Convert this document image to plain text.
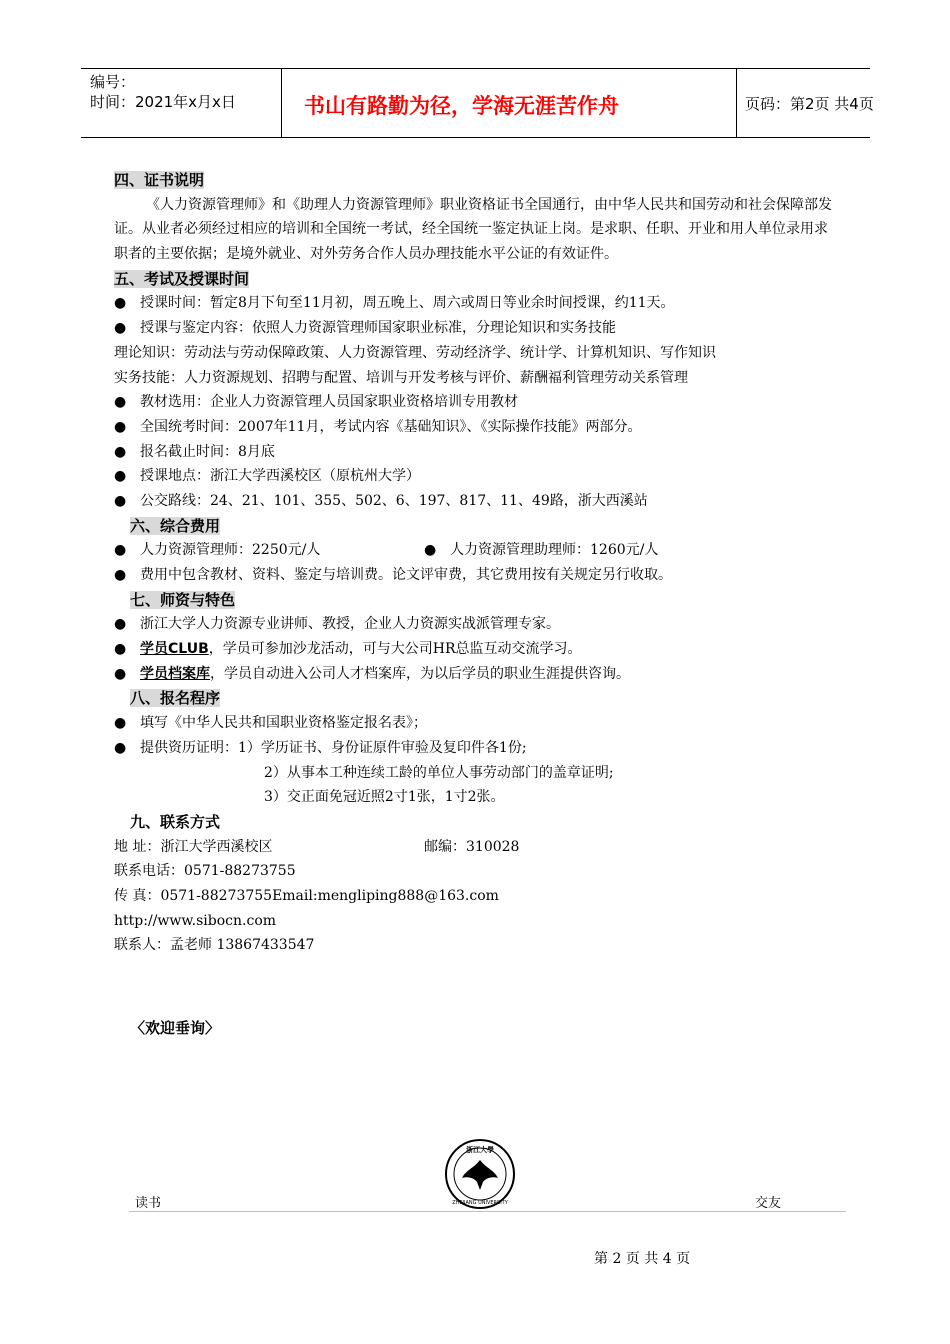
编号：
时间：2021年x月x日	书山有路勤为径，学海无涯苦作舟	页码：第2页 共4页
四、证书说明
《人力资源管理师》和《助理人力资源管理师》职业资格证书全国通行，由中华人民共和国劳动和社会保障部发证。从业者必须经过相应的培训和全国统一考试，经全国统一鉴定执证上岗。是求职、任职、开业和用人单位录用求职者的主要依据；是境外就业、对外劳务合作人员办理技能水平公证的有效证件。
五、考试及授课时间
● 授课时间：暂定8月下旬至11月初，周五晚上、周六或周日等业余时间授课，约11天。
● 授课与鉴定内容：依照人力资源管理师国家职业标准，分理论知识和实务技能
理论知识：劳动法与劳动保障政策、人力资源管理、劳动经济学、统计学、计算机知识、写作知识
实务技能：人力资源规划、招聘与配置、培训与开发考核与评价、薪酬福利管理劳动关系管理
● 教材选用：企业人力资源管理人员国家职业资格培训专用教材
● 全国统考时间：2007年11月，考试内容《基础知识》、《实际操作技能》两部分。
● 报名截止时间：8月底
● 授课地点：浙江大学西溪校区（原杭州大学）
● 公交路线：24、21、101、355、502、6、197、817、11、49路，浙大西溪站
六、综合费用
● 人力资源管理师：2250元/人	● 人力资源管理助理师：1260元/人
● 费用中包含教材、资料、鉴定与培训费。论文评审费，其它费用按有关规定另行收取。
七、师资与特色
● 浙江大学人力资源专业讲师、教授，企业人力资源实战派管理专家。
● 学员CLUB，学员可参加沙龙活动，可与大公司HR总监互动交流学习。
● 学员档案库，学员自动进入公司人才档案库，为以后学员的职业生涯提供咨询。
八、报名程序
● 填写《中华人民共和国职业资格鉴定报名表》；
● 提供资历证明：1）学历证书、身份证原件审验及复印件各1份;
2）从事本工种连续工龄的单位人事劳动部门的盖章证明;
3）交正面免冠近照2寸1张，1寸2张。
九、联系方式
地 址：浙江大学西溪校区	邮编：310028
联系电话：0571-88273755
传 真：0571-88273755Email:mengliping888@163.com
http://www.sibocn.com
联系人：孟老师 13867433547
〈欢迎垂询〉
浙江大學
ZHEJIANG UNIVERSITY
读书	交友
第 2 页 共 4 页
